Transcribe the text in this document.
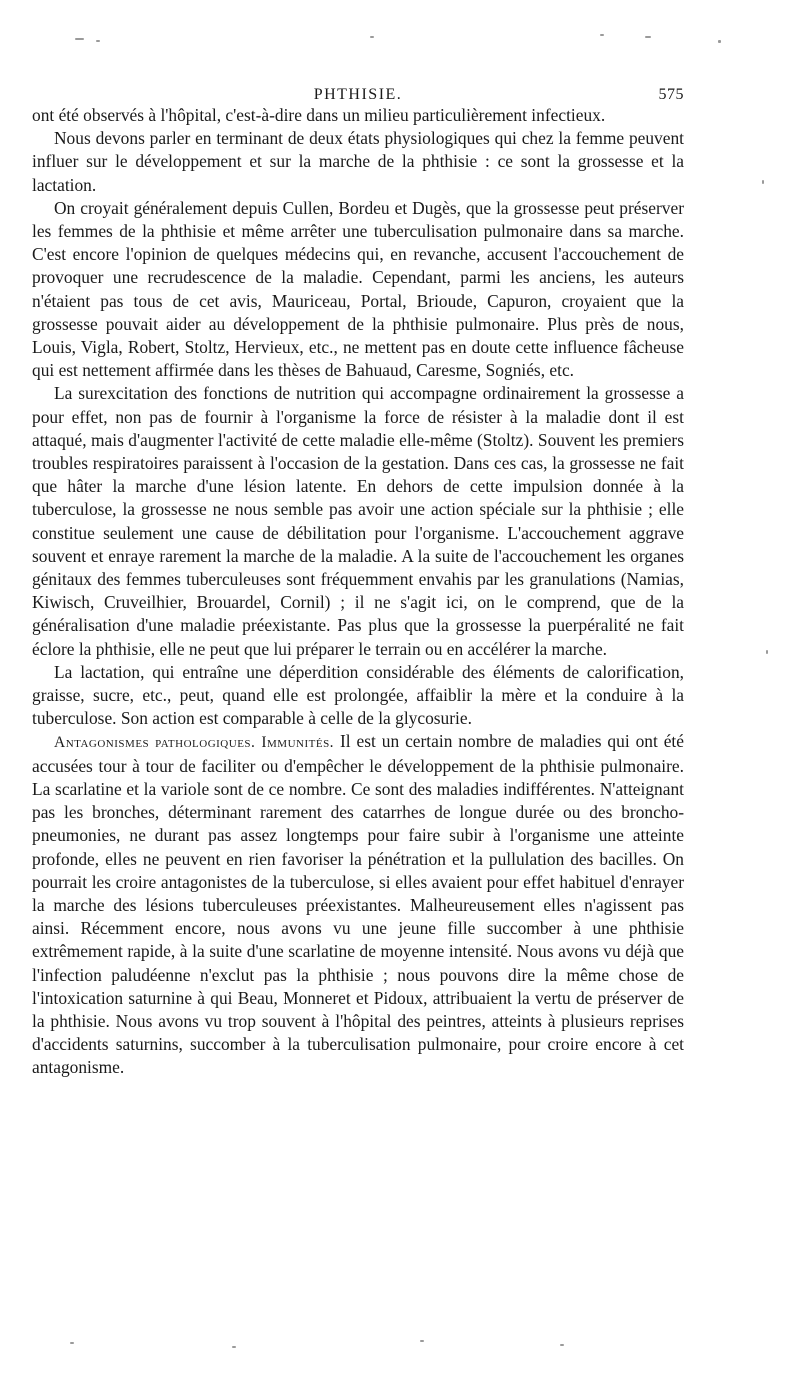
PHTHISIE.	575

ont été observés à l'hôpital, c'est-à-dire dans un milieu particulièrement infectieux.

Nous devons parler en terminant de deux états physiologiques qui chez la femme peuvent influer sur le développement et sur la marche de la phthisie : ce sont la grossesse et la lactation.

On croyait généralement depuis Cullen, Bordeu et Dugès, que la grossesse peut préserver les femmes de la phthisie et même arrêter une tuberculisation pulmonaire dans sa marche. C'est encore l'opinion de quelques médecins qui, en revanche, accusent l'accouchement de provoquer une recrudescence de la maladie. Cependant, parmi les anciens, les auteurs n'étaient pas tous de cet avis, Mauriceau, Portal, Brioude, Capuron, croyaient que la grossesse pouvait aider au développement de la phthisie pulmonaire. Plus près de nous, Louis, Vigla, Robert, Stoltz, Hervieux, etc., ne mettent pas en doute cette influence fâcheuse qui est nettement affirmée dans les thèses de Bahuaud, Caresme, Sogniés, etc.

La surexcitation des fonctions de nutrition qui accompagne ordinairement la grossesse a pour effet, non pas de fournir à l'organisme la force de résister à la maladie dont il est attaqué, mais d'augmenter l'activité de cette maladie elle-même (Stoltz). Souvent les premiers troubles respiratoires paraissent à l'occasion de la gestation. Dans ces cas, la grossesse ne fait que hâter la marche d'une lésion latente. En dehors de cette impulsion donnée à la tuberculose, la grossesse ne nous semble pas avoir une action spéciale sur la phthisie ; elle constitue seulement une cause de débilitation pour l'organisme. L'accouchement aggrave souvent et enraye rarement la marche de la maladie. A la suite de l'accouchement les organes génitaux des femmes tuberculeuses sont fréquemment envahis par les granulations (Namias, Kiwisch, Cruveilhier, Brouardel, Cornil) ; il ne s'agit ici, on le comprend, que de la généralisation d'une maladie préexistante. Pas plus que la grossesse la puerpéralité ne fait éclore la phthisie, elle ne peut que lui préparer le terrain ou en accélérer la marche.

La lactation, qui entraîne une déperdition considérable des éléments de calorification, graisse, sucre, etc., peut, quand elle est prolongée, affaiblir la mère et la conduire à la tuberculose. Son action est comparable à celle de la glycosurie.

Antagonismes pathologiques. Immunités. Il est un certain nombre de maladies qui ont été accusées tour à tour de faciliter ou d'empêcher le développement de la phthisie pulmonaire. La scarlatine et la variole sont de ce nombre. Ce sont des maladies indifférentes. N'atteignant pas les bronches, déterminant rarement des catarrhes de longue durée ou des broncho-pneumonies, ne durant pas assez longtemps pour faire subir à l'organisme une atteinte profonde, elles ne peuvent en rien favoriser la pénétration et la pullulation des bacilles. On pourrait les croire antagonistes de la tuberculose, si elles avaient pour effet habituel d'enrayer la marche des lésions tuberculeuses préexistantes. Malheureusement elles n'agissent pas ainsi. Récemment encore, nous avons vu une jeune fille succomber à une phthisie extrêmement rapide, à la suite d'une scarlatine de moyenne intensité. Nous avons vu déjà que l'infection paludéenne n'exclut pas la phthisie ; nous pouvons dire la même chose de l'intoxication saturnine à qui Beau, Monneret et Pidoux, attribuaient la vertu de préserver de la phthisie. Nous avons vu trop souvent à l'hôpital des peintres, atteints à plusieurs reprises d'accidents saturnins, succomber à la tuberculisation pulmonaire, pour croire encore à cet antagonisme.
